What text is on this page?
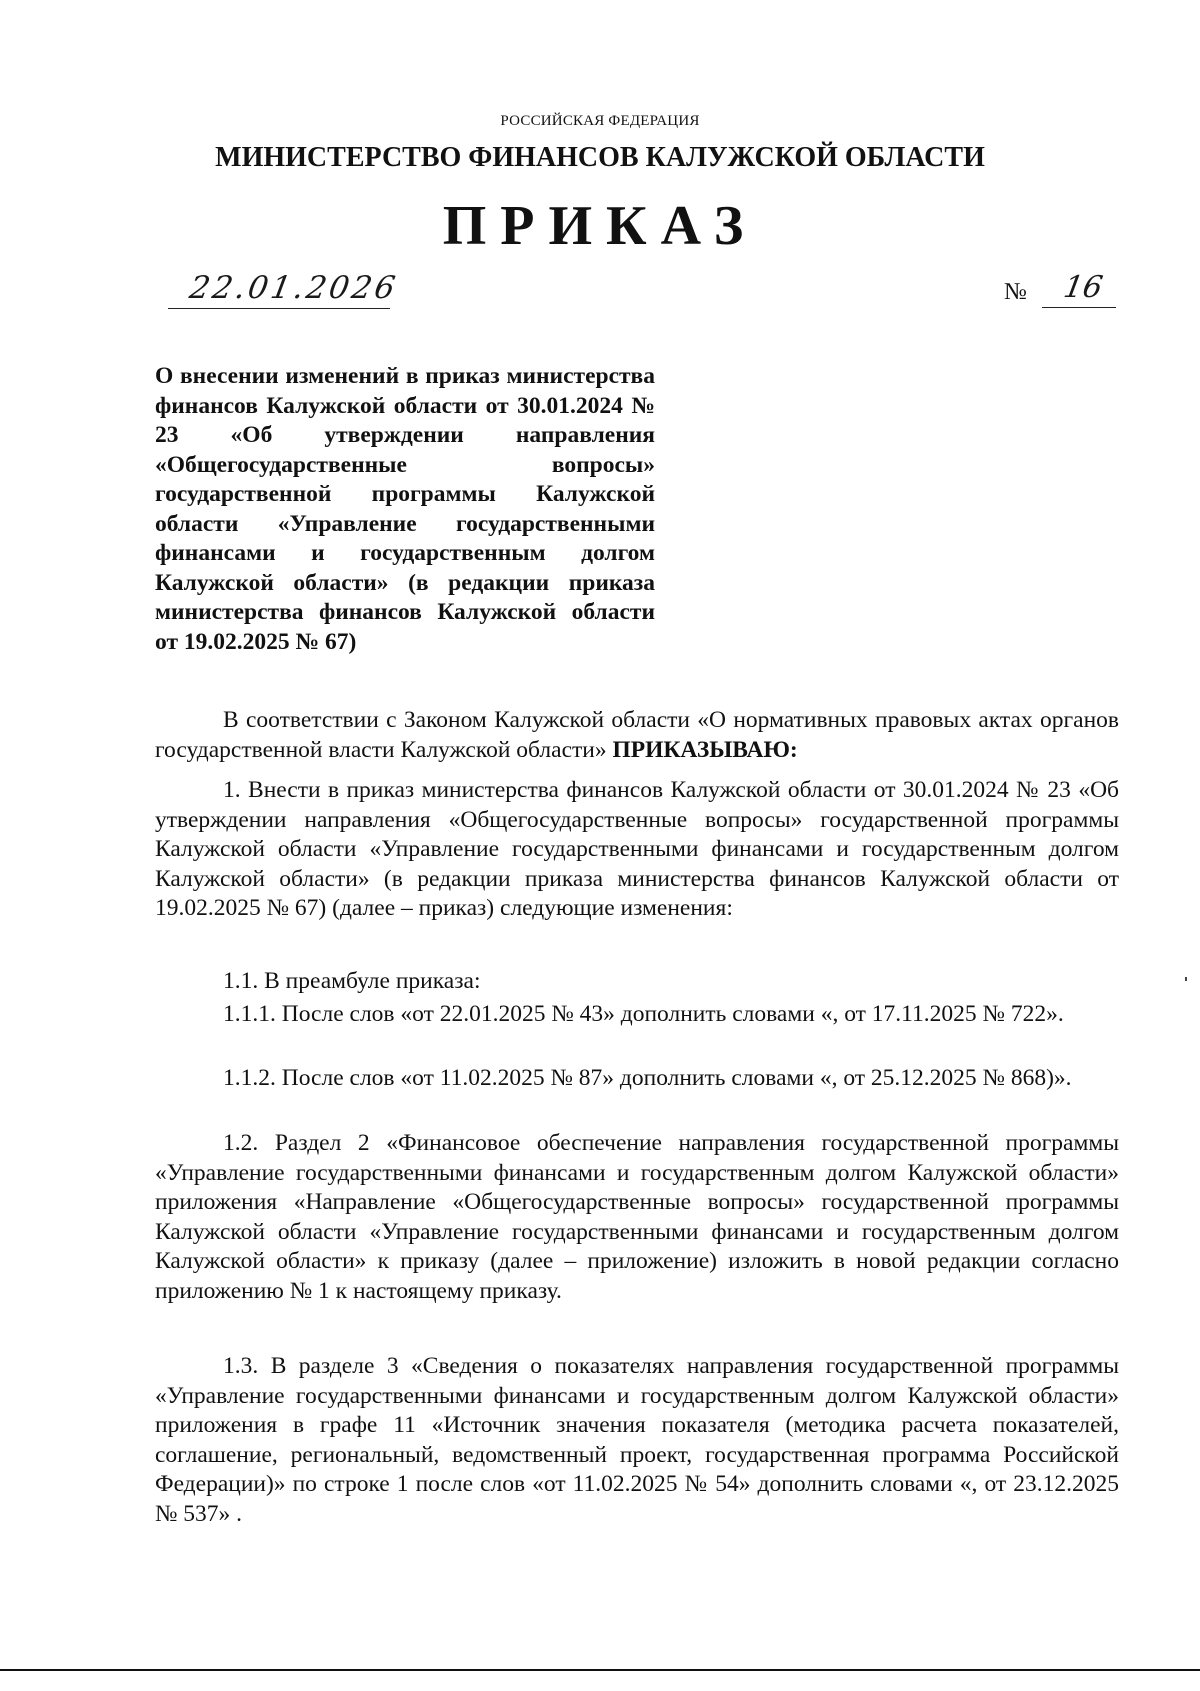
РОССИЙСКАЯ ФЕДЕРАЦИЯ
МИНИСТЕРСТВО ФИНАНСОВ КАЛУЖСКОЙ ОБЛАСТИ
ПРИКАЗ
22.01.2026	№ 16
О внесении изменений в приказ министерства финансов Калужской области от 30.01.2024 № 23 «Об утверждении направления «Общегосударственные вопросы» государственной программы Калужской области «Управление государственными финансами и государственным долгом Калужской области» (в редакции приказа министерства финансов Калужской области от 19.02.2025 № 67)
В соответствии с Законом Калужской области «О нормативных правовых актах органов государственной власти Калужской области» ПРИКАЗЫВАЮ:
1. Внести в приказ министерства финансов Калужской области от 30.01.2024 № 23 «Об утверждении направления «Общегосударственные вопросы» государственной программы Калужской области «Управление государственными финансами и государственным долгом Калужской области» (в редакции приказа министерства финансов Калужской области от 19.02.2025 № 67) (далее – приказ) следующие изменения:
1.1. В преамбуле приказа:
1.1.1. После слов «от 22.01.2025 № 43» дополнить словами «, от 17.11.2025 № 722».
1.1.2. После слов «от 11.02.2025 № 87» дополнить словами «, от 25.12.2025 № 868)».
1.2. Раздел 2 «Финансовое обеспечение направления государственной программы «Управление государственными финансами и государственным долгом Калужской области» приложения «Направление «Общегосударственные вопросы» государственной программы Калужской области «Управление государственными финансами и государственным долгом Калужской области» к приказу (далее – приложение) изложить в новой редакции согласно приложению № 1 к настоящему приказу.
1.3. В разделе 3 «Сведения о показателях направления государственной программы «Управление государственными финансами и государственным долгом Калужской области» приложения в графе 11 «Источник значения показателя (методика расчета показателей, соглашение, региональный, ведомственный проект, государственная программа Российской Федерации)» по строке 1 после слов «от 11.02.2025 № 54» дополнить словами «, от 23.12.2025 № 537» .
